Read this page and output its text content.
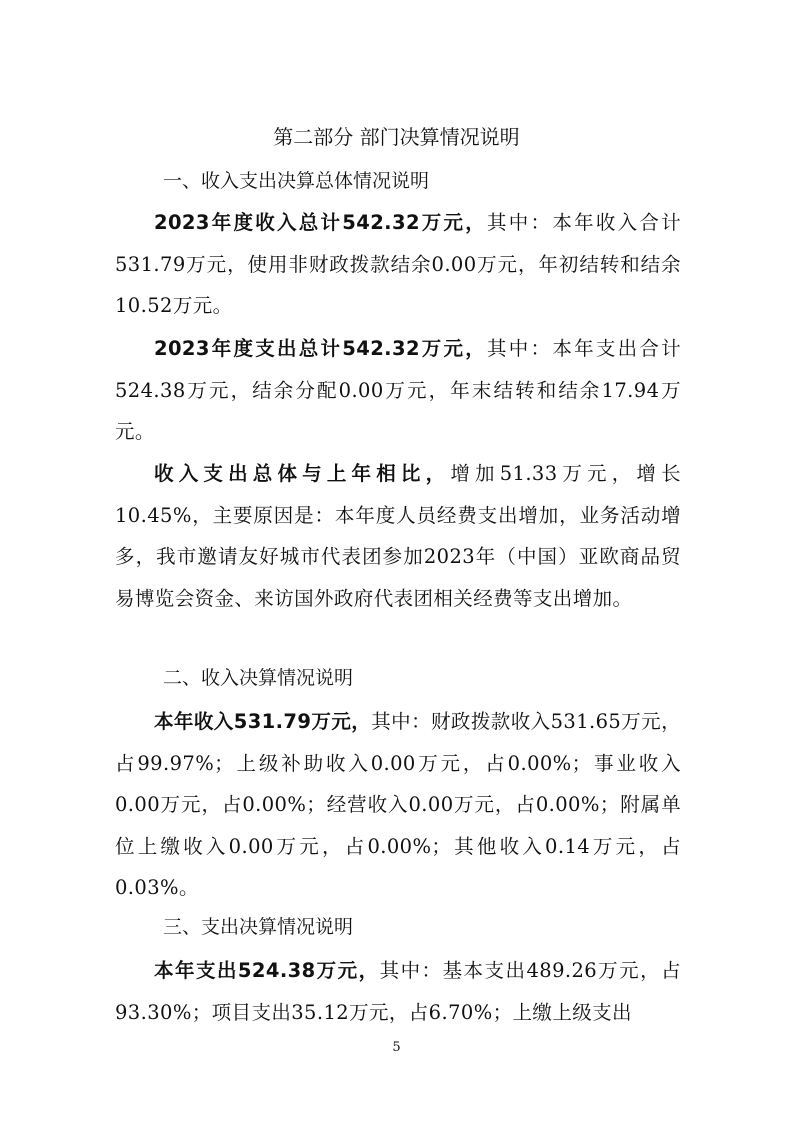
第二部分 部门决算情况说明
一、收入支出决算总体情况说明

2023年度收入总计542.32万元，其中：本年收入合计531.79万元，使用非财政拨款结余0.00万元，年初结转和结余10.52万元。

2023年度支出总计542.32万元，其中：本年支出合计524.38万元，结余分配0.00万元，年末结转和结余17.94万元。

收入支出总体与上年相比，增加51.33万元，增长10.45%，主要原因是：本年度人员经费支出增加，业务活动增多，我市邀请友好城市代表团参加2023年（中国）亚欧商品贸易博览会资金、来访国外政府代表团相关经费等支出增加。

二、收入决算情况说明

本年收入531.79万元，其中：财政拨款收入531.65万元，占99.97%；上级补助收入0.00万元，占0.00%；事业收入0.00万元，占0.00%；经营收入0.00万元，占0.00%；附属单位上缴收入0.00万元，占0.00%；其他收入0.14万元，占0.03%。

三、支出决算情况说明

本年支出524.38万元，其中：基本支出489.26万元，占93.30%；项目支出35.12万元，占6.70%；上缴上级支出

5
